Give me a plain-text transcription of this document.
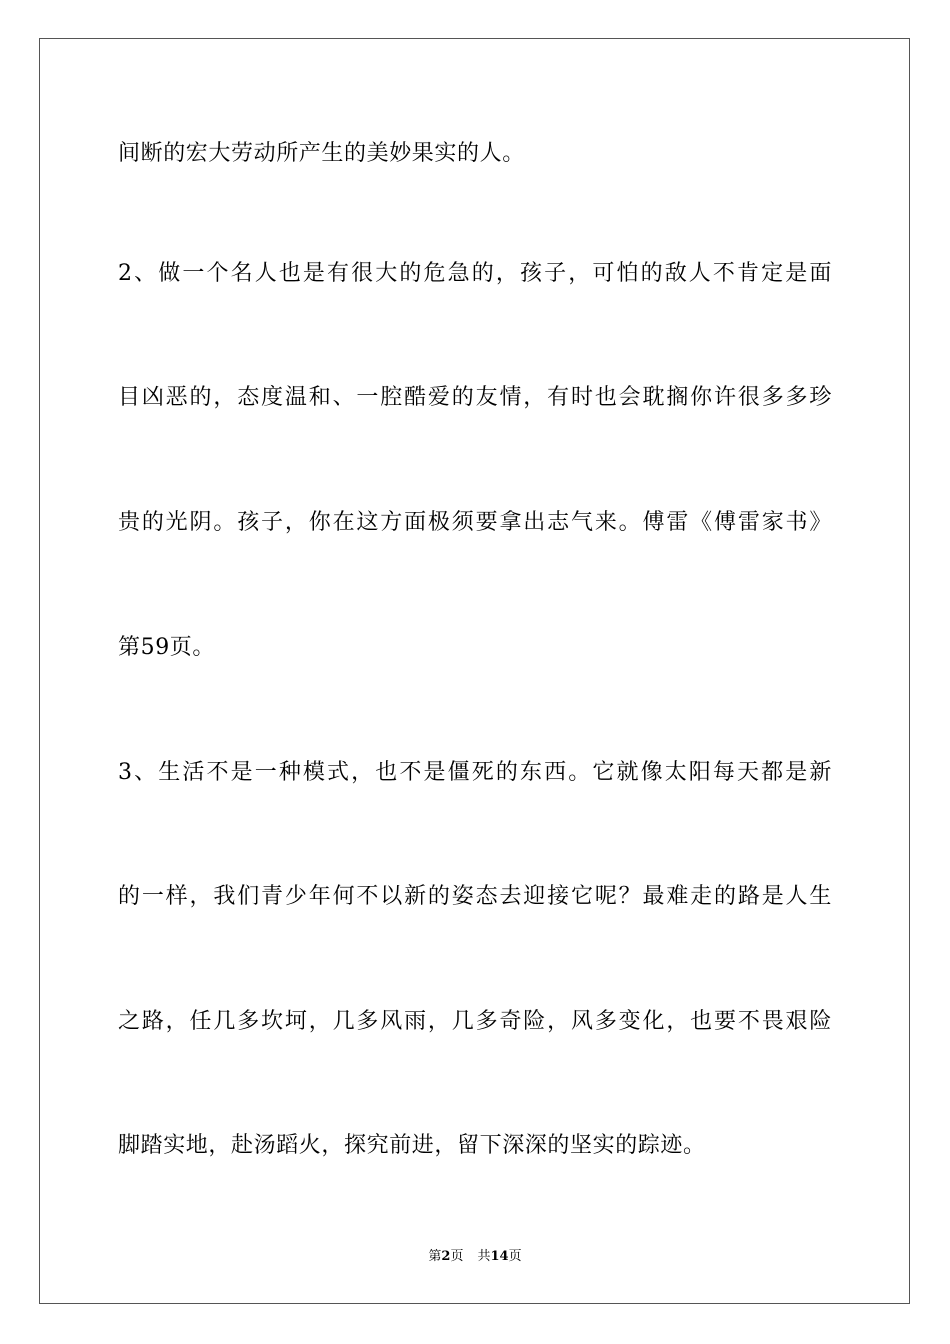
间断的宏大劳动所产生的美妙果实的人。
2、做一个名人也是有很大的危急的，孩子，可怕的敌人不肯定是面
目凶恶的，态度温和、一腔酷爱的友情，有时也会耽搁你许很多多珍
贵的光阴。孩子，你在这方面极须要拿出志气来。傅雷《傅雷家书》
第59页。
3、生活不是一种模式，也不是僵死的东西。它就像太阳每天都是新
的一样，我们青少年何不以新的姿态去迎接它呢？最难走的路是人生
之路，任几多坎坷，几多风雨，几多奇险，风多变化，也要不畏艰险
脚踏实地，赴汤蹈火，探究前进，留下深深的坚实的踪迹。
第2页 共14页
